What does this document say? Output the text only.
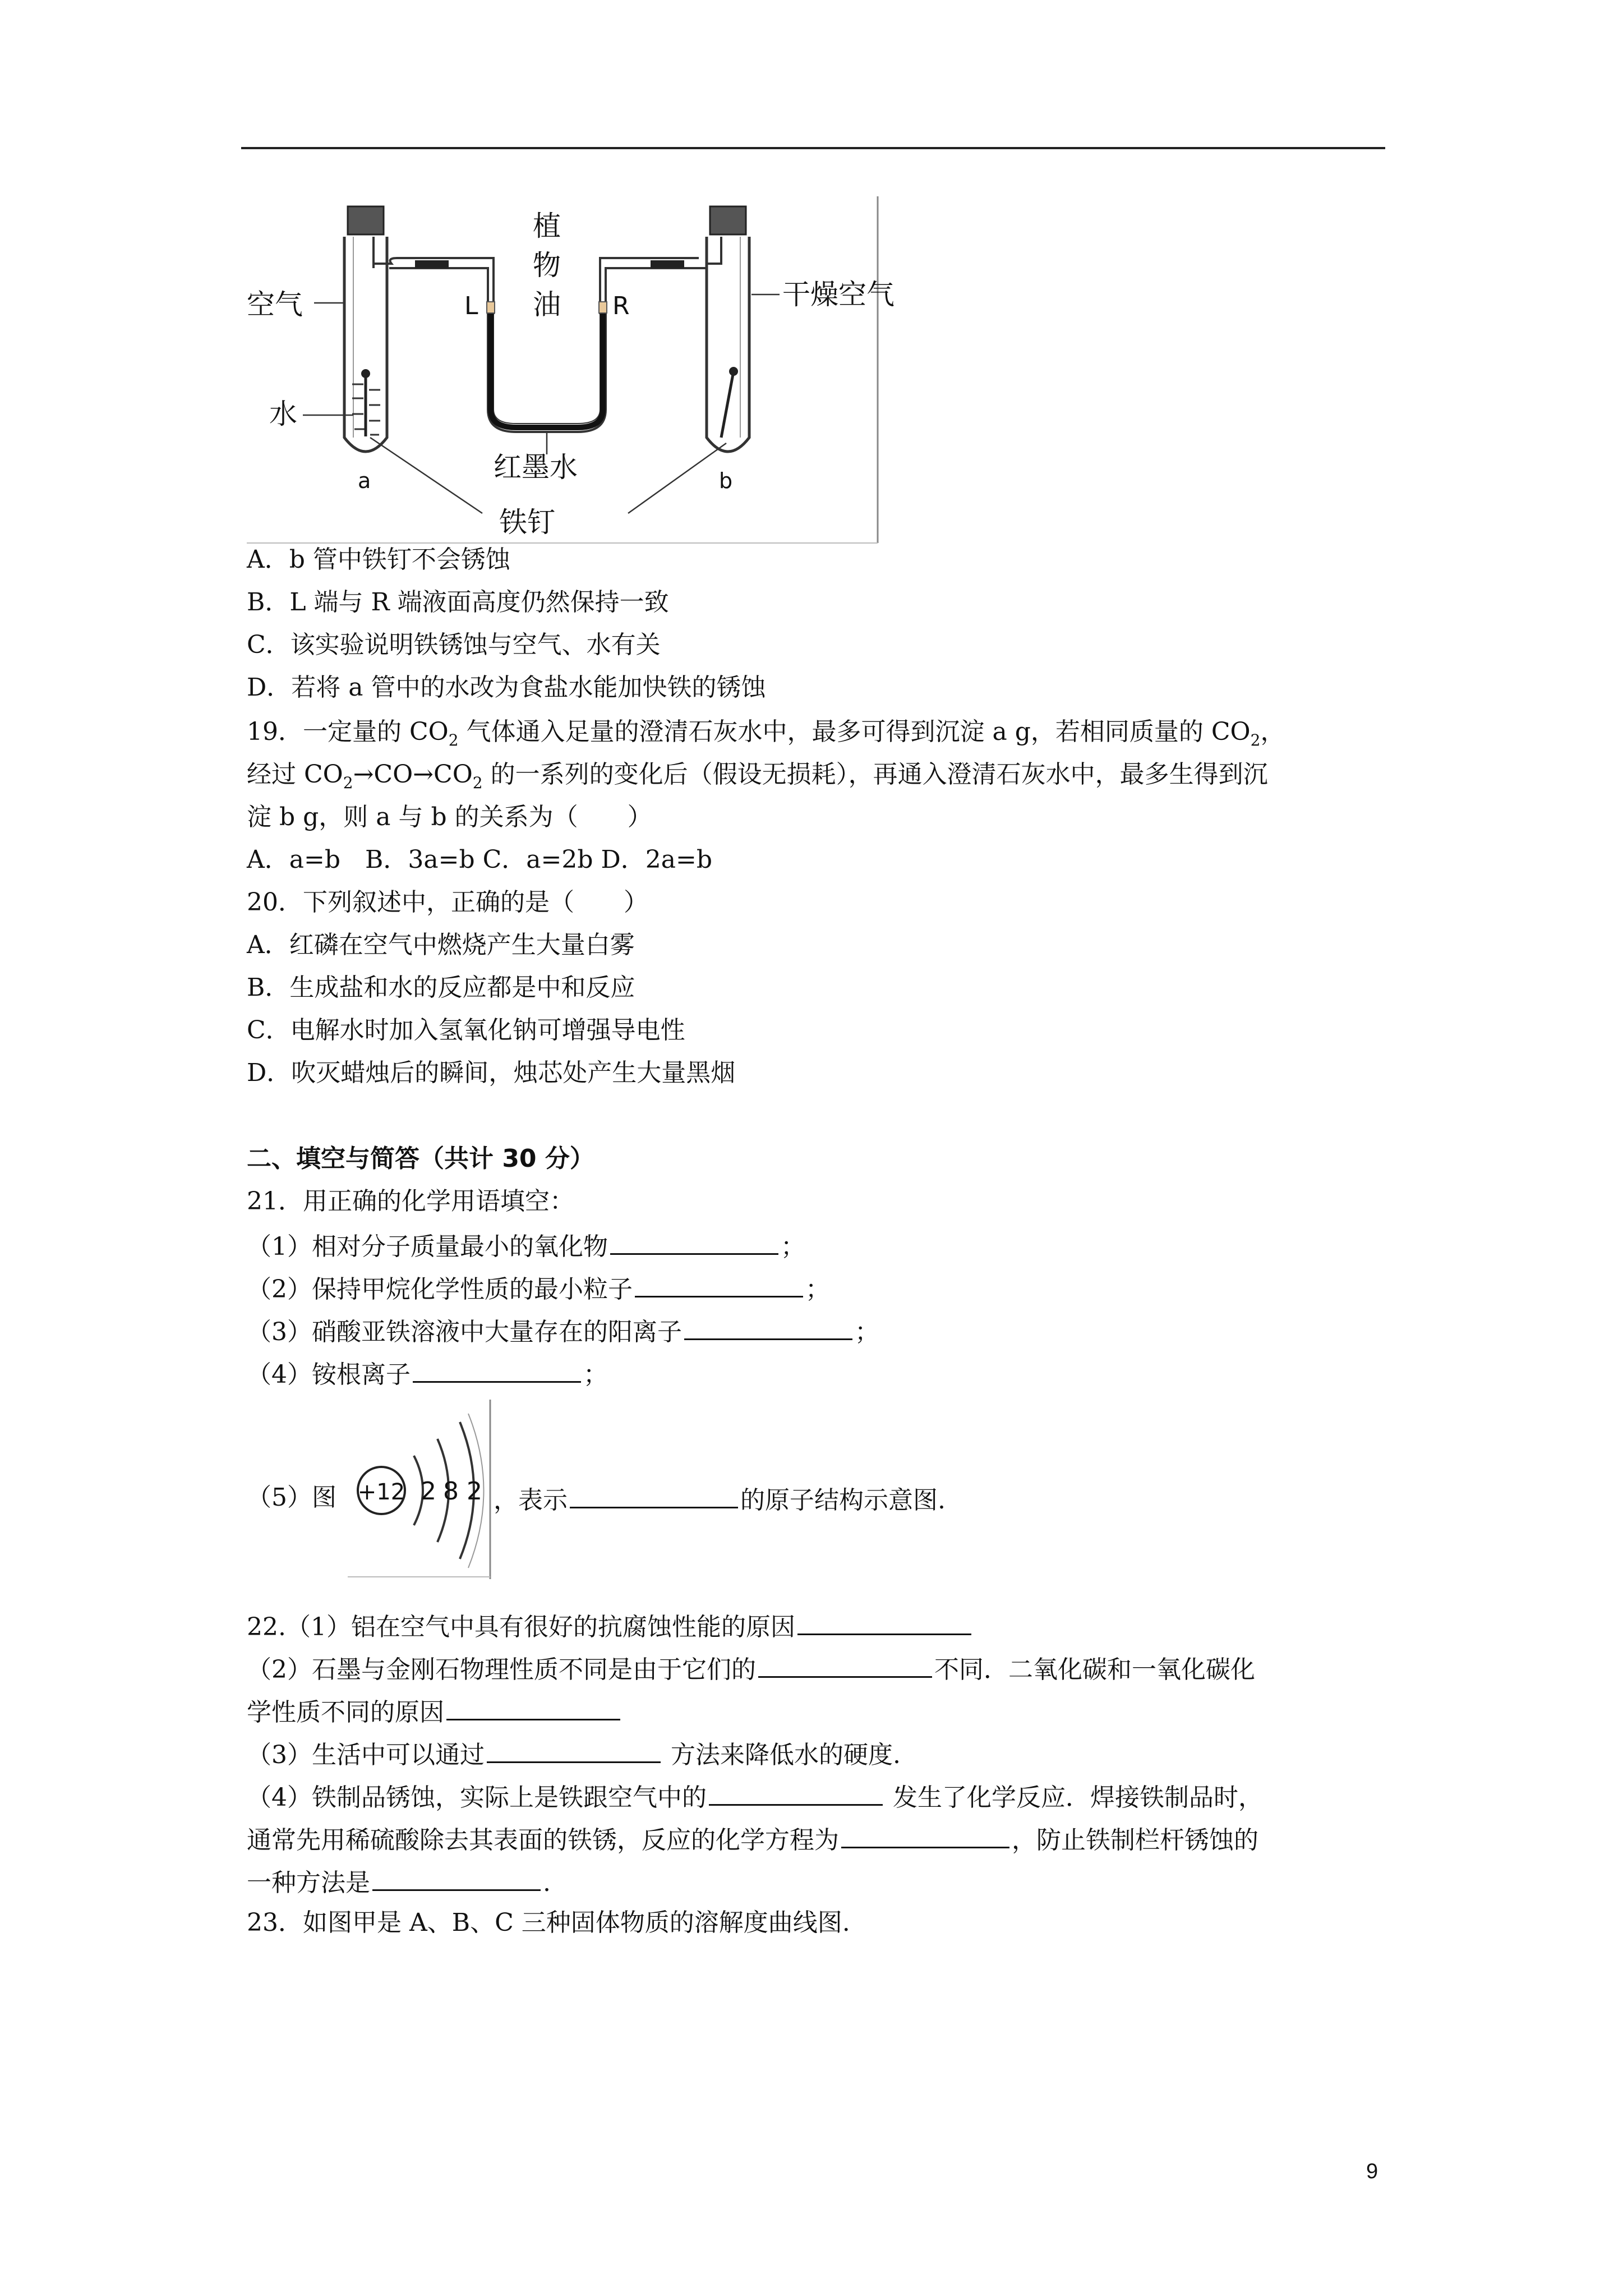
空气
水
a
植
物
油
L	R	干燥空气
红墨水	b
铁钉
A．b 管中铁钉不会锈蚀
B．L 端与 R 端液面高度仍然保持一致
C．该实验说明铁锈蚀与空气、水有关
D．若将 a 管中的水改为食盐水能加快铁的锈蚀
19．一定量的 $CO_2$ 气体通入足量的澄清石灰水中，最多可得到沉淀 a g，若相同质量的 $CO_2$，
经过 $CO_2\to CO\to CO_2$ 的一系列的变化后（假设无损耗），再通入澄清石灰水中，最多生得到沉
淀 b g，则 a 与 b 的关系为（　　）
A．a=b　B．3a=b C．a=2b D．2a=b
20．下列叙述中，正确的是（　　）
A．红磷在空气中燃烧产生大量白雾
B．生成盐和水的反应都是中和反应
C．电解水时加入氢氧化钠可增强导电性
D．吹灭蜡烛后的瞬间，烛芯处产生大量黑烟
二、填空与简答（共计 30 分）
21．用正确的化学用语填空：
（1）相对分子质量最小的氧化物	；
（2）保持甲烷化学性质的最小粒子	；
（3）硝酸亚铁溶液中大量存在的阳离子	；
（4）铵根离子	；
+12 2 8 2
（5）图	，表示	的原子结构示意图.
22.（1）铝在空气中具有很好的抗腐蚀性能的原因
（2）石墨与金刚石物理性质不同是由于它们的	不同．二氧化碳和一氧化碳化
学性质不同的原因
（3）生活中可以通过	方法来降低水的硬度.
（4）铁制品锈蚀，实际上是铁跟空气中的	发生了化学反应．焊接铁制品时，
通常先用稀硫酸除去其表面的铁锈，反应的化学方程为	，防止铁制栏杆锈蚀的
一种方法是	.
23．如图甲是 A、B、C 三种固体物质的溶解度曲线图.
9
